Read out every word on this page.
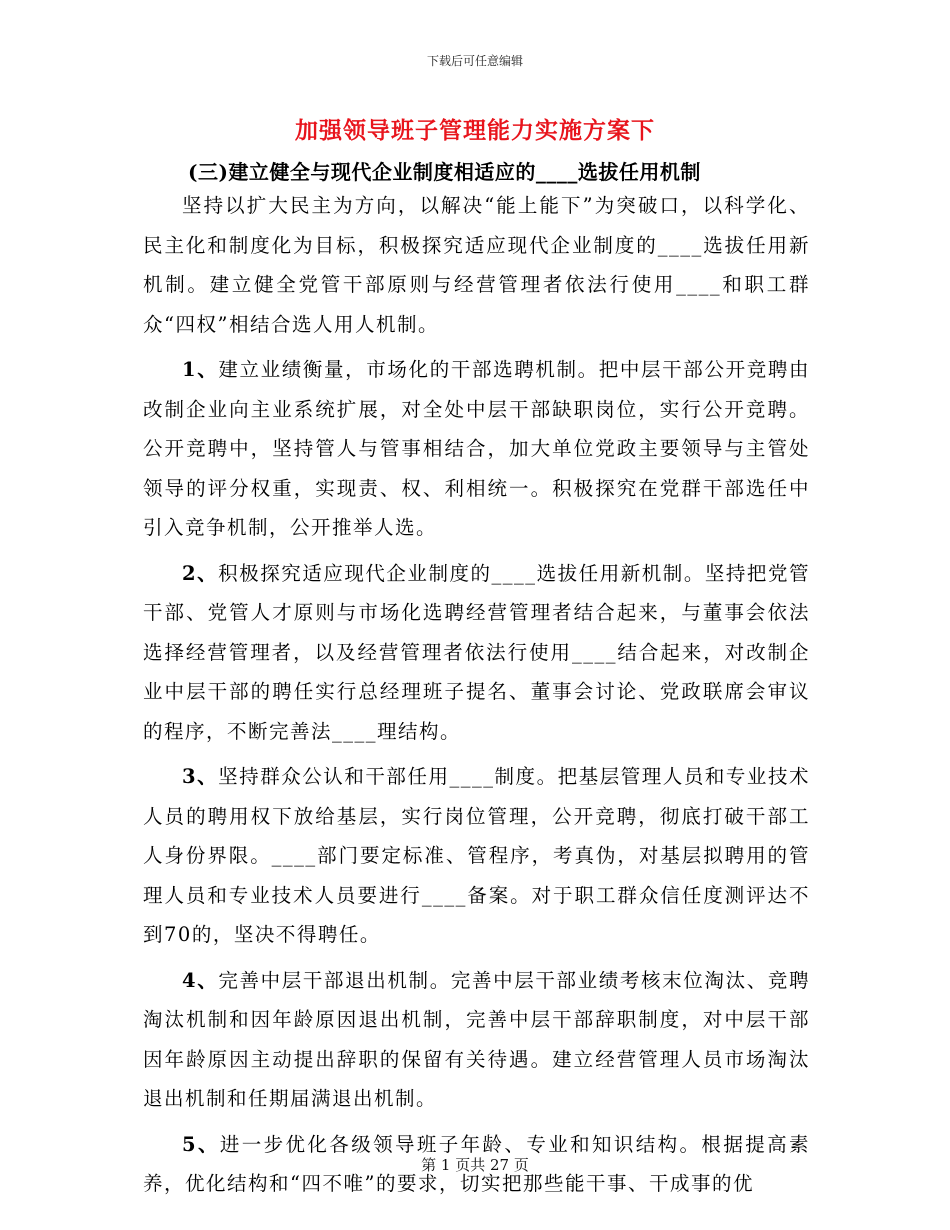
下载后可任意编辑
加强领导班子管理能力实施方案下
(三)建立健全与现代企业制度相适应的____选拔任用机制

坚持以扩大民主为方向，以解决“能上能下”为突破口，以科学化、民主化和制度化为目标，积极探究适应现代企业制度的____选拔任用新机制。建立健全党管干部原则与经营管理者依法行使用____和职工群众“四权”相结合选人用人机制。

1、建立业绩衡量，市场化的干部选聘机制。把中层干部公开竞聘由改制企业向主业系统扩展，对全处中层干部缺职岗位，实行公开竞聘。公开竞聘中，坚持管人与管事相结合，加大单位党政主要领导与主管处领导的评分权重，实现责、权、利相统一。积极探究在党群干部选任中引入竞争机制，公开推举人选。

2、积极探究适应现代企业制度的____选拔任用新机制。坚持把党管干部、党管人才原则与市场化选聘经营管理者结合起来，与董事会依法选择经营管理者，以及经营管理者依法行使用____结合起来，对改制企业中层干部的聘任实行总经理班子提名、董事会讨论、党政联席会审议的程序，不断完善法____理结构。

3、坚持群众公认和干部任用____制度。把基层管理人员和专业技术人员的聘用权下放给基层，实行岗位管理，公开竞聘，彻底打破干部工人身份界限。____部门要定标准、管程序，考真伪，对基层拟聘用的管理人员和专业技术人员要进行____备案。对于职工群众信任度测评达不到70的，坚决不得聘任。

4、完善中层干部退出机制。完善中层干部业绩考核末位淘汰、竞聘淘汰机制和因年龄原因退出机制，完善中层干部辞职制度，对中层干部因年龄原因主动提出辞职的保留有关待遇。建立经营管理人员市场淘汰退出机制和任期届满退出机制。

5、进一步优化各级领导班子年龄、专业和知识结构。根据提高素养，优化结构和“四不唯”的要求，切实把那些能干事、干成事的优

第 1 页共 27 页
